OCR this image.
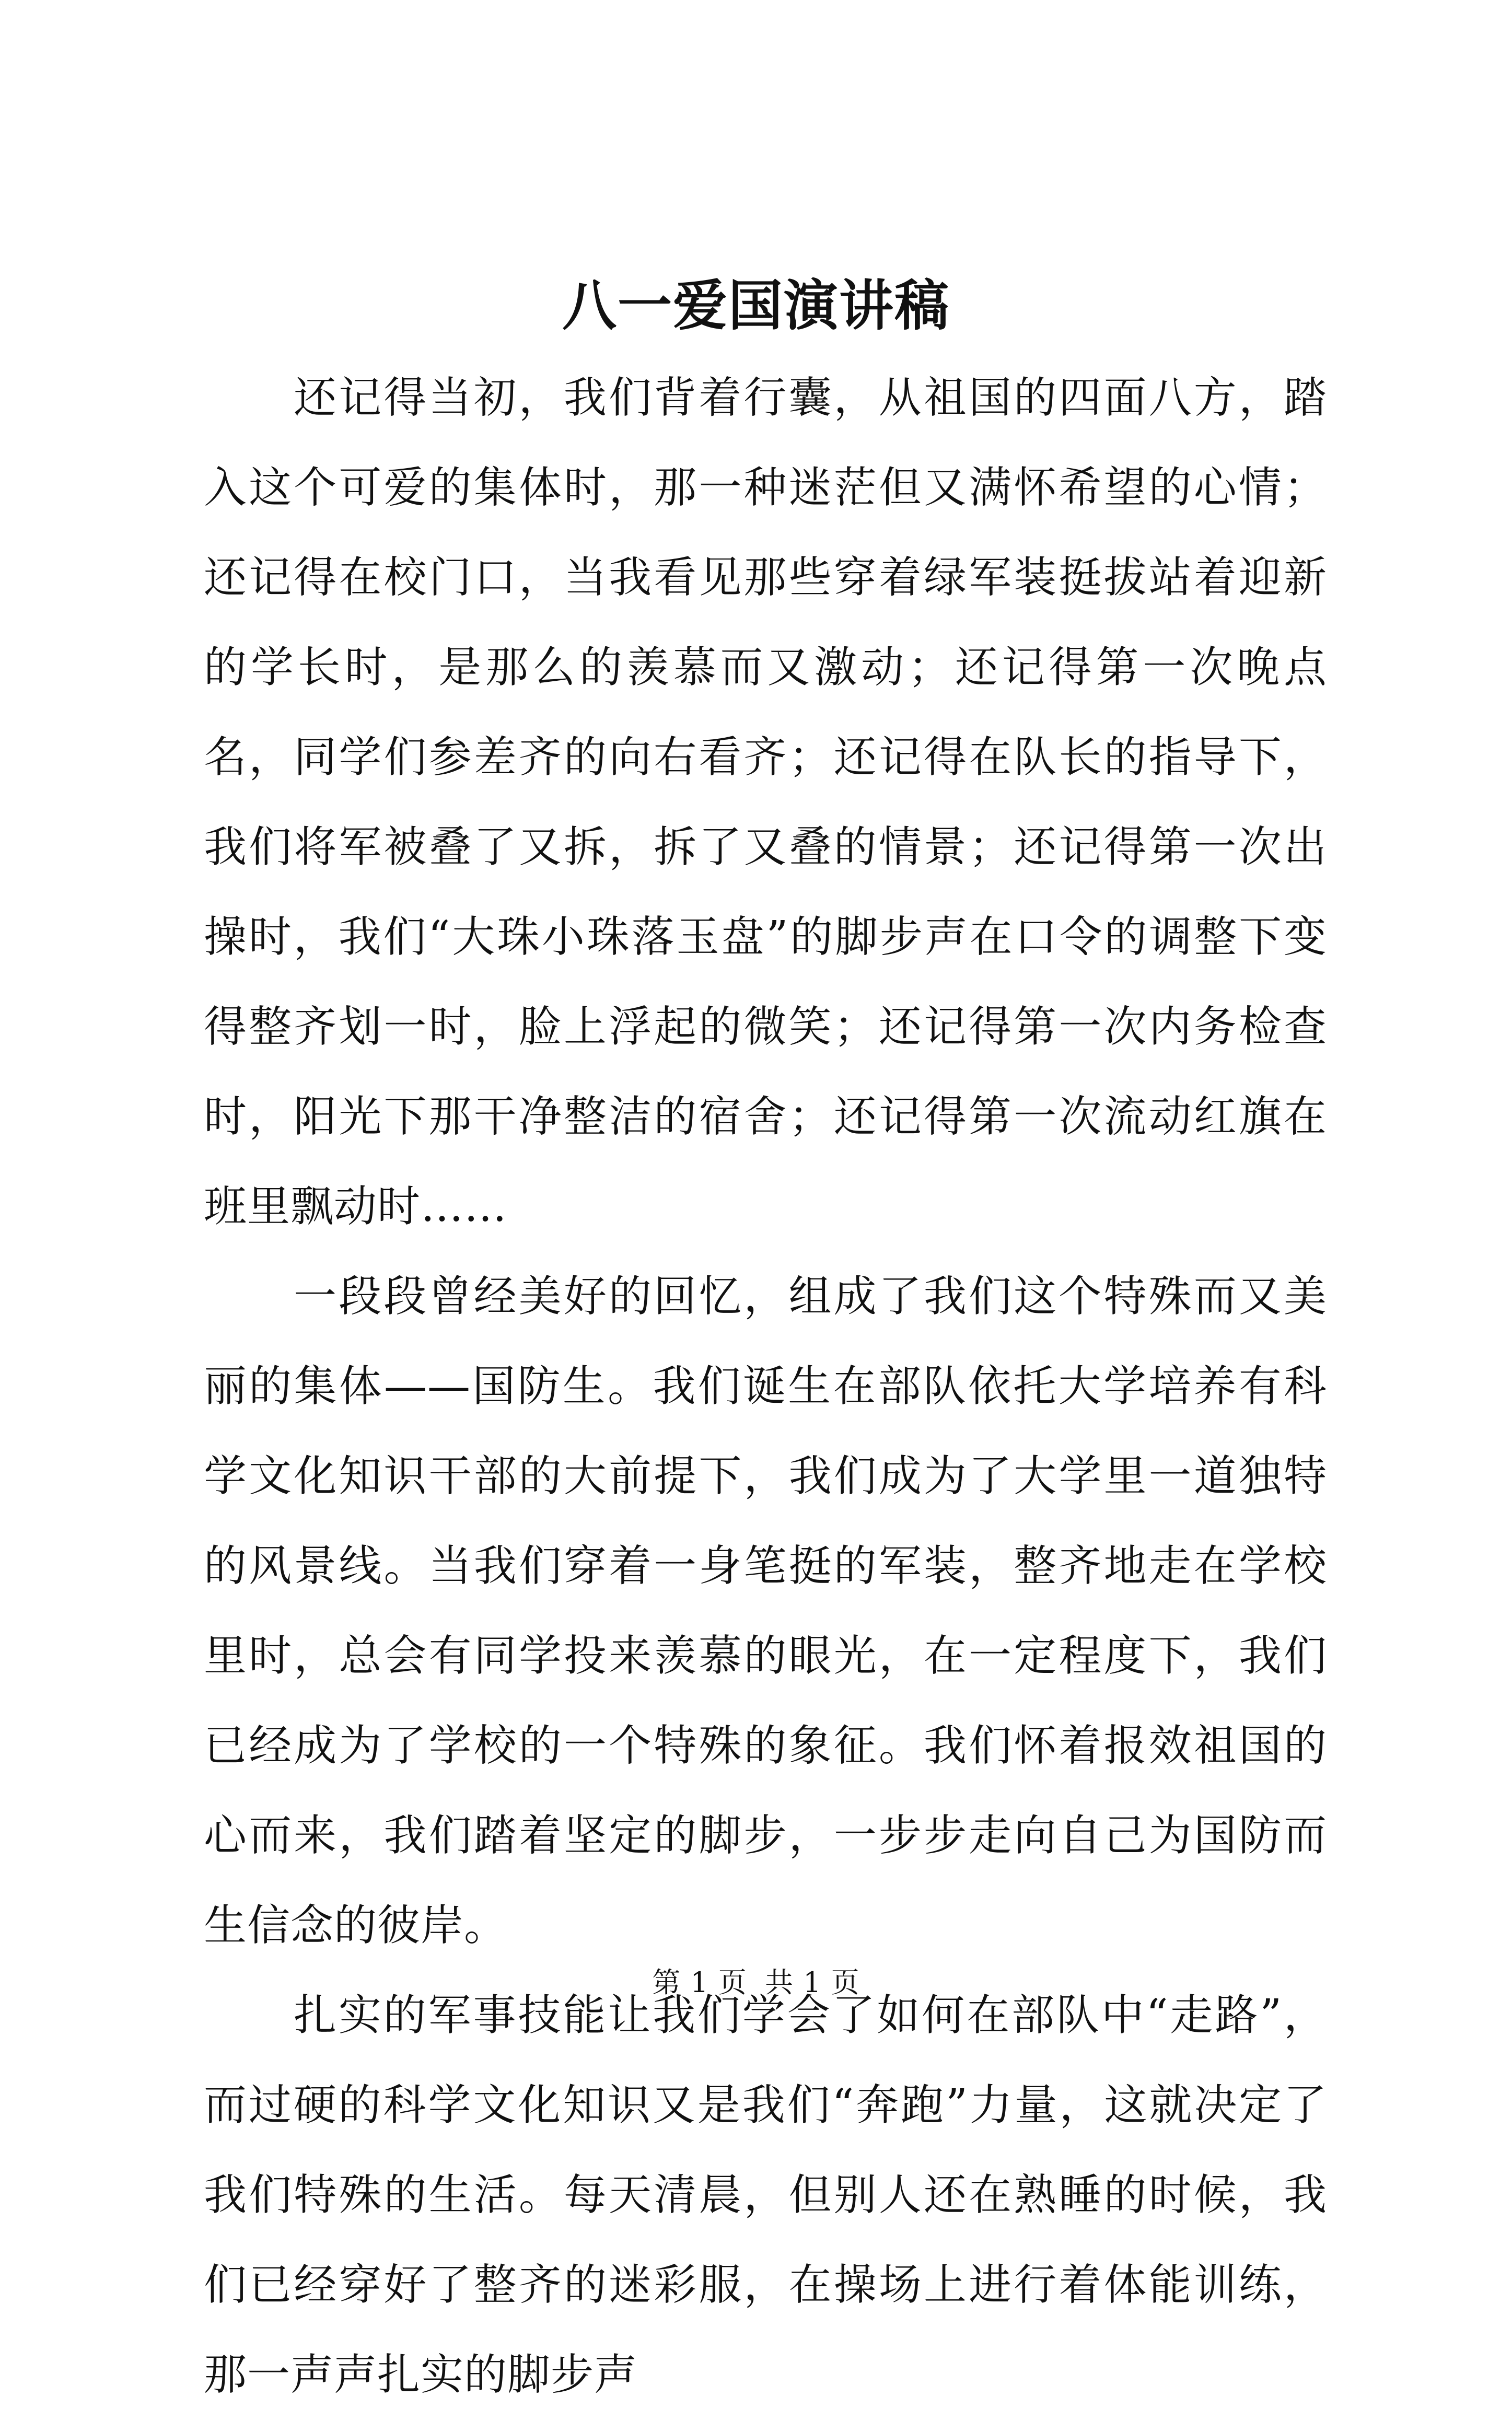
八一爱国演讲稿

还记得当初，我们背着行囊，从祖国的四面八方，踏入这个可爱的集体时，那一种迷茫但又满怀希望的心情；还记得在校门口，当我看见那些穿着绿军装挺拔站着迎新的学长时，是那么的羡慕而又激动；还记得第一次晚点名，同学们参差齐的向右看齐；还记得在队长的指导下，我们将军被叠了又拆，拆了又叠的情景；还记得第一次出操时，我们“大珠小珠落玉盘”的脚步声在口令的调整下变得整齐划一时，脸上浮起的微笑；还记得第一次内务检查时，阳光下那干净整洁的宿舍；还记得第一次流动红旗在班里飘动时……

一段段曾经美好的回忆，组成了我们这个特殊而又美丽的集体——国防生。我们诞生在部队依托大学培养有科学文化知识干部的大前提下，我们成为了大学里一道独特的风景线。当我们穿着一身笔挺的军装，整齐地走在学校里时，总会有同学投来羡慕的眼光，在一定程度下，我们已经成为了学校的一个特殊的象征。我们怀着报效祖国的心而来，我们踏着坚定的脚步，一步步走向自己为国防而生信念的彼岸。

扎实的军事技能让我们学会了如何在部队中“走路”，而过硬的科学文化知识又是我们“奔跑”力量，这就决定了我们特殊的生活。每天清晨，但别人还在熟睡的时候，我们已经穿好了整齐的迷彩服，在操场上进行着体能训练，那一声声扎实的脚步声

第 1 页 共 1 页
